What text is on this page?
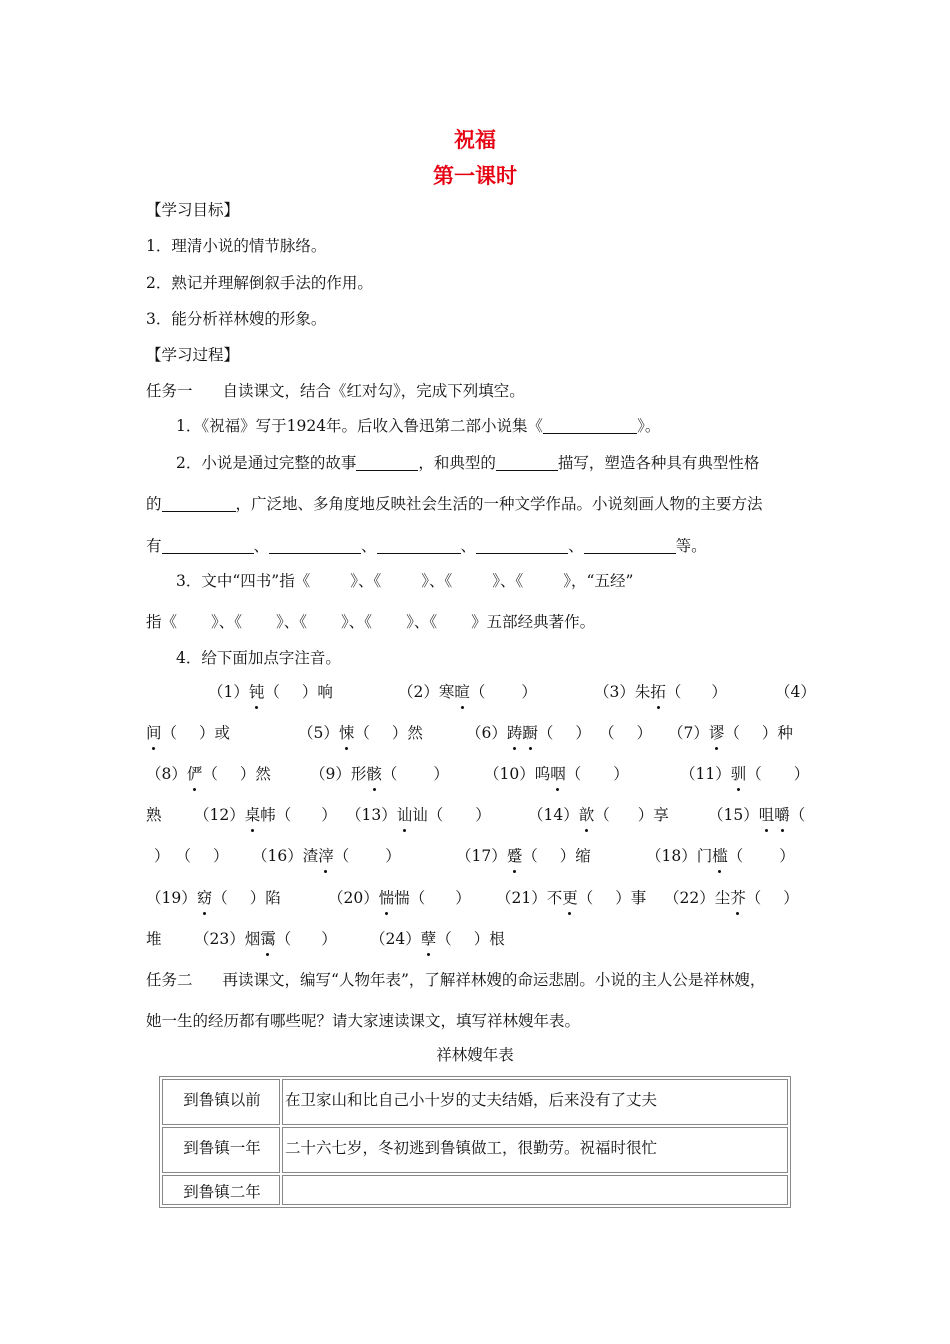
祝福
第一课时
【学习目标】
1．理清小说的情节脉络。
2．熟记并理解倒叙手法的作用。
3．能分析祥林嫂的形象。
【学习过程】
任务一 自读课文，结合《红对勾》，完成下列填空。
1．《祝福》写于1924年。后收入鲁迅第二部小说集《	》。
2．小说是通过完整的故事	，和典型的	描写，塑造各种具有典型性格
的	，广泛地、多角度地反映社会生活的一种文学作品。小说刻画人物的主要方法
有	、	、	、	、	等。
3．文中“四书”指《	》、《	》、《	》、《	》，“五经”
指《 》、《 》、《 》、《 》、《 》五部经典著作。
4．给下面加点字注音。
（1）钝（ ）响	（2）寒暄（ ）	（3）朱拓（ ）	（4）
间（ ）或	（5）悚（ ）然	（6）踌蹰（ ） （ ） （7）谬（ ）种
（8）俨（ ）然	（9）形骸（ ） （10）呜咽（ ）	（11）驯（ ）
熟 （12）桌帏（ ） （13）讪讪（ ） （14）歆（ ）享	（15）咀嚼（
） （ ） （16）渣滓（ ）	（17）蹙（ ）缩	（18）门槛（ ）
（19）窈（ ）陷	（20）惴惴（ ） （21）不更（ ）事 （22）尘芥（ ）
堆 （23）烟霭（ ） （24）孽（ ）根
任务二 再读课文，编写“人物年表”，了解祥林嫂的命运悲剧。小说的主人公是祥林嫂，
她一生的经历都有哪些呢？请大家速读课文，填写祥林嫂年表。
祥林嫂年表
到鲁镇以前	在卫家山和比自己小十岁的丈夫结婚，后来没有了丈夫
到鲁镇一年	二十六七岁，冬初逃到鲁镇做工，很勤劳。祝福时很忙
到鲁镇二年	
